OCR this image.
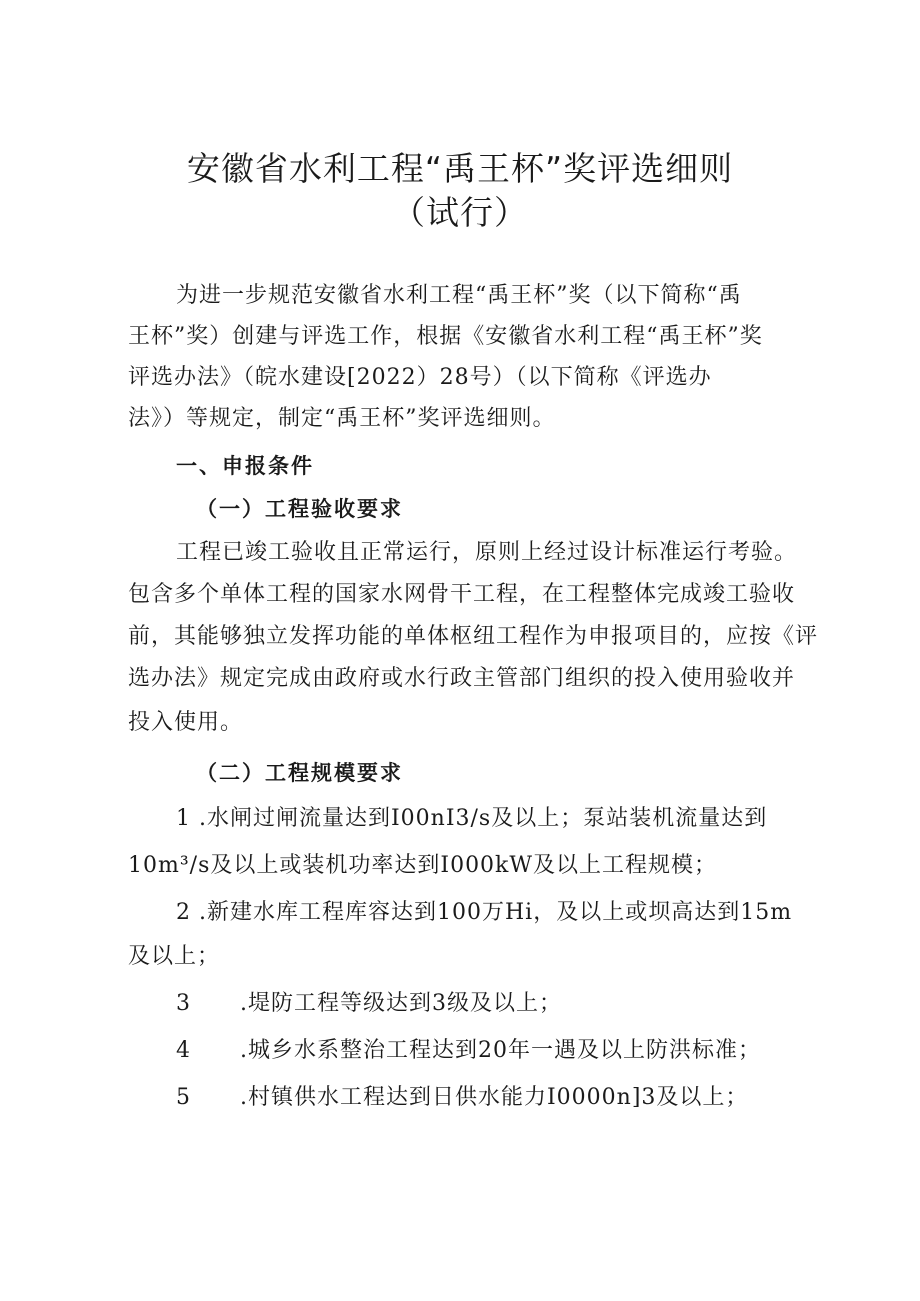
安徽省水利工程“禹王杯”奖评选细则
（试行）

为进一步规范安徽省水利工程“禹王杯”奖（以下简称“禹

王杯”奖）创建与评选工作，根据《安徽省水利工程“禹王杯”奖

评选办法》（皖水建设[2022）28号）（以下简称《评选办

法》）等规定，制定“禹王杯”奖评选细则。

一、申报条件

（一）工程验收要求

工程已竣工验收且正常运行，原则上经过设计标准运行考验。

包含多个单体工程的国家水网骨干工程，在工程整体完成竣工验收

前，其能够独立发挥功能的单体枢纽工程作为申报项目的，应按《评

选办法》规定完成由政府或水行政主管部门组织的投入使用验收并

投入使用。

（二）工程规模要求

1 .水闸过闸流量达到I00nI3/s及以上；泵站装机流量达到

10m³/s及以上或装机功率达到I000kW及以上工程规模；

2 .新建水库工程库容达到100万Hi，及以上或坝高达到15m

及以上；

3 .堤防工程等级达到3级及以上；

4 .城乡水系整治工程达到20年一遇及以上防洪标准；

5 .村镇供水工程达到日供水能力I0000n]3及以上；
